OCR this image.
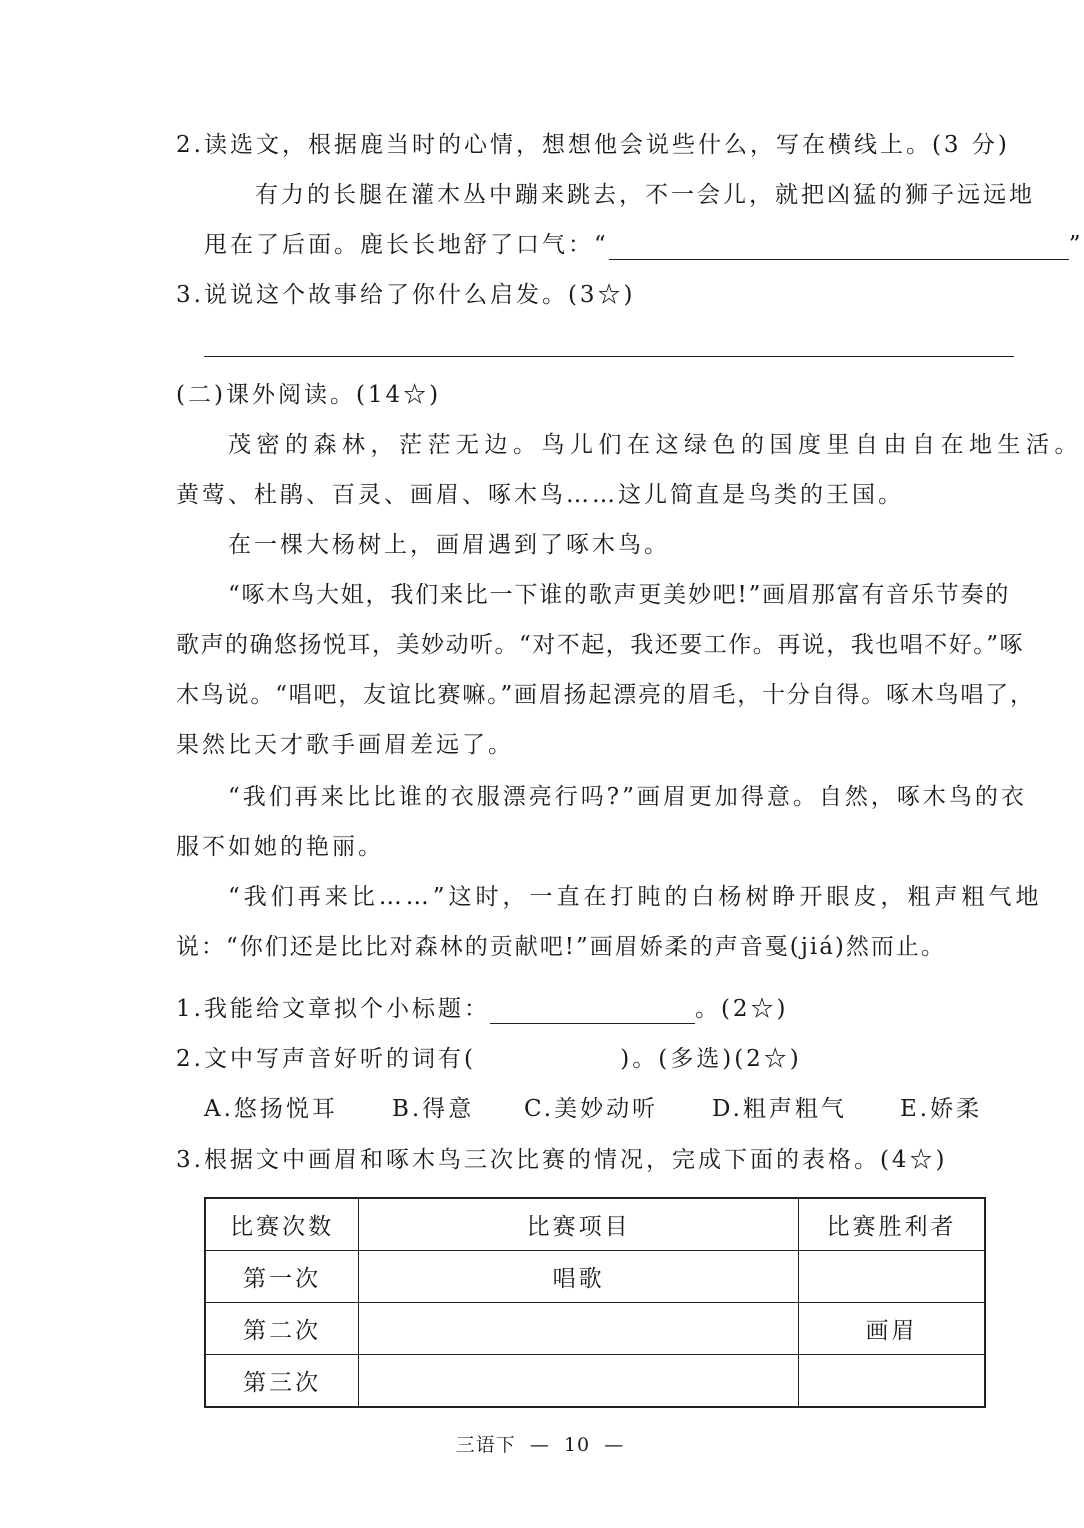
2.读选文，根据鹿当时的心情，想想他会说些什么，写在横线上。(3 分)
有力的长腿在灌木丛中蹦来跳去，不一会儿，就把凶猛的狮子远远地
甩在了后面。鹿长长地舒了口气：“	”
3.说说这个故事给了你什么启发。(3☆)
(二)课外阅读。(14☆)
茂密的森林，茫茫无边。鸟儿们在这绿色的国度里自由自在地生活。
黄莺、杜鹃、百灵、画眉、啄木鸟……这儿简直是鸟类的王国。
在一棵大杨树上，画眉遇到了啄木鸟。
“啄木鸟大姐，我们来比一下谁的歌声更美妙吧!”画眉那富有音乐节奏的
歌声的确悠扬悦耳，美妙动听。“对不起，我还要工作。再说，我也唱不好。”啄
木鸟说。“唱吧，友谊比赛嘛。”画眉扬起漂亮的眉毛，十分自得。啄木鸟唱了，
果然比天才歌手画眉差远了。
“我们再来比比谁的衣服漂亮行吗?”画眉更加得意。自然，啄木鸟的衣
服不如她的艳丽。
“我们再来比……”这时，一直在打盹的白杨树睁开眼皮，粗声粗气地
说：“你们还是比比对森林的贡献吧!”画眉娇柔的声音戛(jiá)然而止。
1.我能给文章拟个小标题：	。(2☆)
2.文中写声音好听的词有(              )。(多选)(2☆)
A.悠扬悦耳 B.得意 C.美妙动听 D.粗声粗气 E.娇柔
3.根据文中画眉和啄木鸟三次比赛的情况，完成下面的表格。(4☆)
比赛次数	比赛项目	比赛胜利者
第一次	唱歌	
第二次		画眉
第三次		
三语下  —  10  —
